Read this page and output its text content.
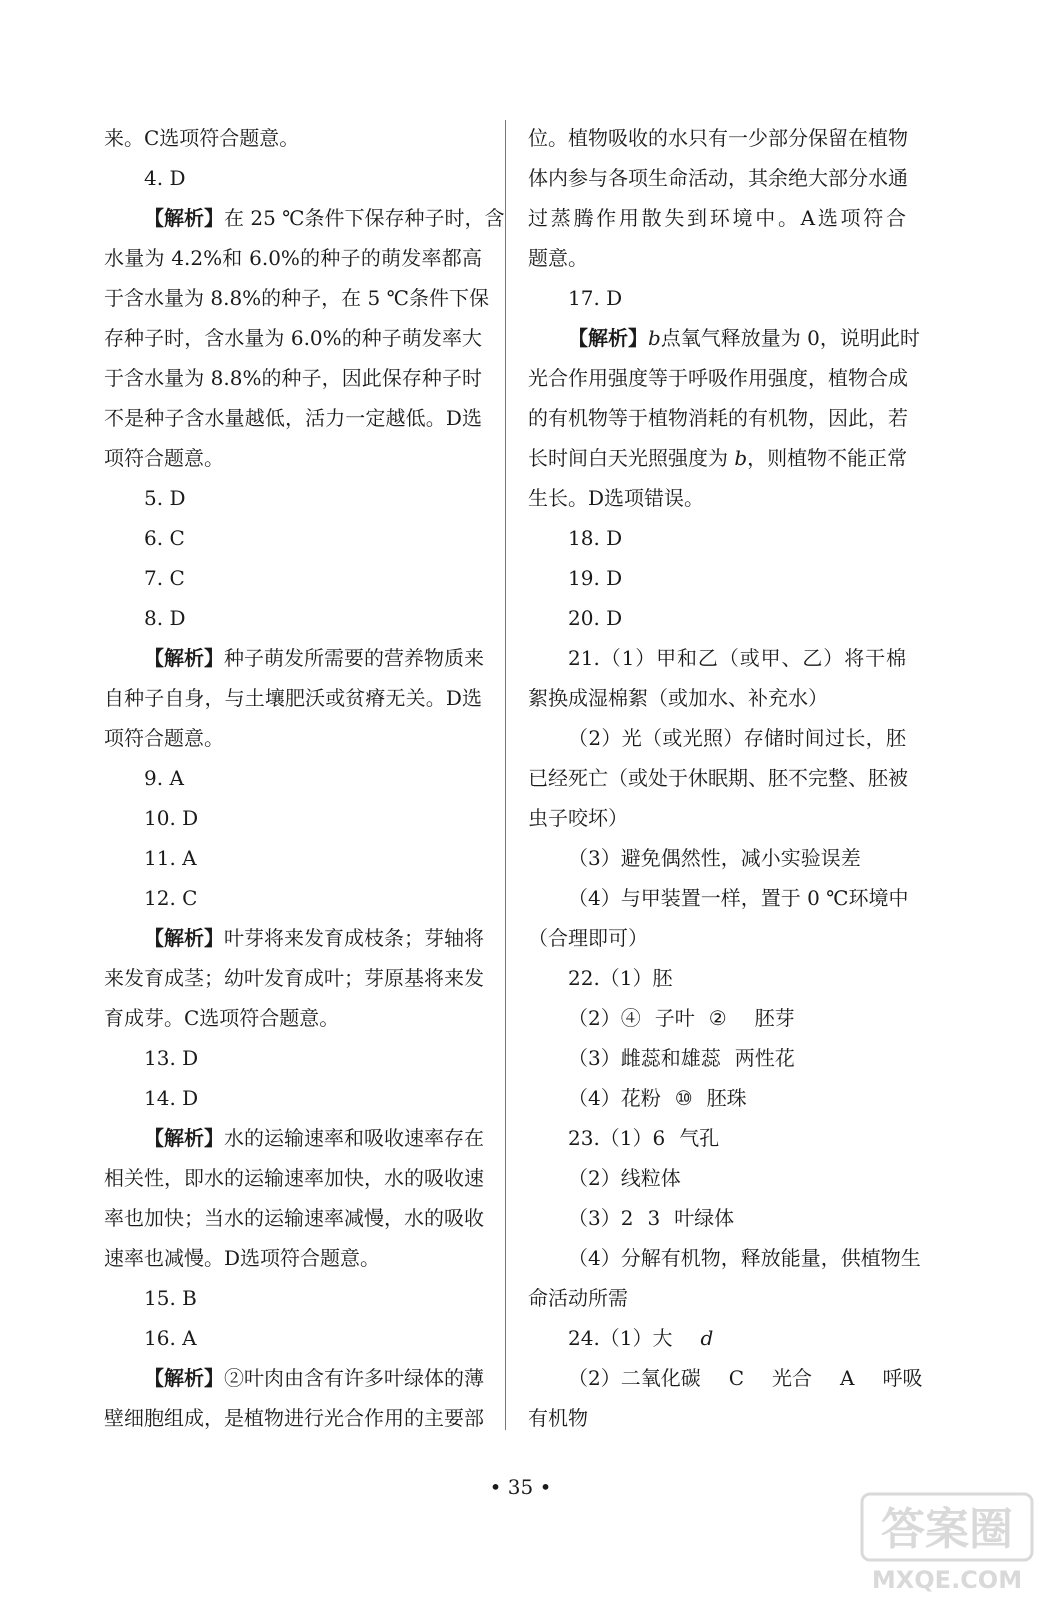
来。C选项符合题意。
4. D
【解析】在 25 ℃条件下保存种子时，含
水量为 4.2%和 6.0%的种子的萌发率都高
于含水量为 8.8%的种子，在 5 ℃条件下保
存种子时，含水量为 6.0%的种子萌发率大
于含水量为 8.8%的种子，因此保存种子时
不是种子含水量越低，活力一定越低。D选
项符合题意。
5. D
6. C
7. C
8. D
【解析】种子萌发所需要的营养物质来
自种子自身，与土壤肥沃或贫瘠无关。D选
项符合题意。
9. A
10. D
11. A
12. C
【解析】叶芽将来发育成枝条；芽轴将
来发育成茎；幼叶发育成叶；芽原基将来发
育成芽。C选项符合题意。
13. D
14. D
【解析】水的运输速率和吸收速率存在
相关性，即水的运输速率加快，水的吸收速
率也加快；当水的运输速率减慢，水的吸收
速率也减慢。D选项符合题意。
15. B
16. A
【解析】②叶肉由含有许多叶绿体的薄
壁细胞组成，是植物进行光合作用的主要部
位。植物吸收的水只有一少部分保留在植物
体内参与各项生命活动，其余绝大部分水通
过蒸腾作用散失到环境中。A选项符合
题意。
17. D
【解析】b点氧气释放量为 0，说明此时
光合作用强度等于呼吸作用强度，植物合成
的有机物等于植物消耗的有机物，因此，若
长时间白天光照强度为 b，则植物不能正常
生长。D选项错误。
18. D
19. D
20. D
21.（1）甲和乙（或甲、乙）将干棉
絮换成湿棉絮（或加水、补充水）
（2）光（或光照）存储时间过长，胚
已经死亡（或处于休眠期、胚不完整、胚被
虫子咬坏）
（3）避免偶然性，减小实验误差
（4）与甲装置一样，置于 0 ℃环境中
（合理即可）
22.（1）胚
（2）④ 子叶 ② 胚芽
（3）雌蕊和雄蕊 两性花
（4）花粉 ⑩ 胚珠
23.（1）6 气孔
（2）线粒体
（3）2 3 叶绿体
（4）分解有机物，释放能量，供植物生
命活动所需
24.（1）大 d
（2）二氧化碳 C 光合 A 呼吸
有机物
• 35 •
答案圈
MXQE.COM
